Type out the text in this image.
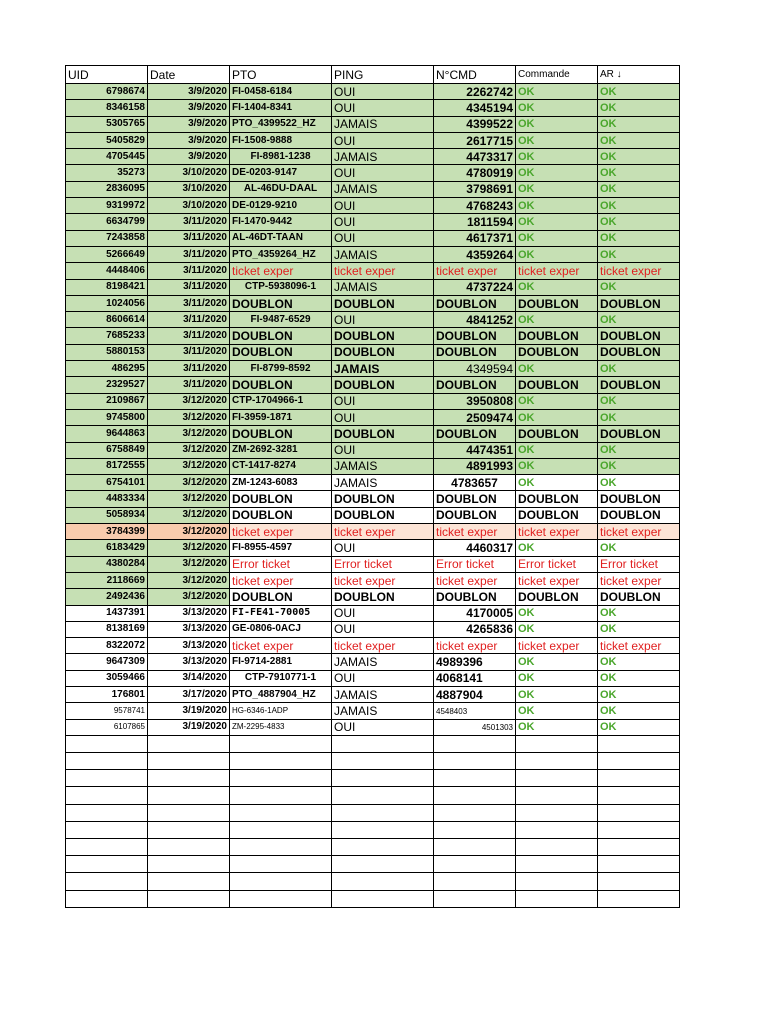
UID	Date	PTO	PING	N°CMD	Commande	AR ↓
6798674	3/9/2020	FI-0458-6184	OUI	2262742	OK	OK
8346158	3/9/2020	FI-1404-8341	OUI	4345194	OK	OK
5305765	3/9/2020	PTO_4399522_HZ	JAMAIS	4399522	OK	OK
5405829	3/9/2020	FI-1508-9888	OUI	2617715	OK	OK
4705445	3/9/2020	FI-8981-1238	JAMAIS	4473317	OK	OK
35273	3/10/2020	DE-0203-9147	OUI	4780919	OK	OK
2836095	3/10/2020	AL-46DU-DAAL	JAMAIS	3798691	OK	OK
9319972	3/10/2020	DE-0129-9210	OUI	4768243	OK	OK
6634799	3/11/2020	FI-1470-9442	OUI	1811594	OK	OK
7243858	3/11/2020	AL-46DT-TAAN	OUI	4617371	OK	OK
5266649	3/11/2020	PTO_4359264_HZ	JAMAIS	4359264	OK	OK
4448406	3/11/2020	ticket exper	ticket exper	ticket exper	ticket exper	ticket exper
8198421	3/11/2020	CTP-5938096-1	JAMAIS	4737224	OK	OK
1024056	3/11/2020	DOUBLON	DOUBLON	DOUBLON	DOUBLON	DOUBLON
8606614	3/11/2020	FI-9487-6529	OUI	4841252	OK	OK
7685233	3/11/2020	DOUBLON	DOUBLON	DOUBLON	DOUBLON	DOUBLON
5880153	3/11/2020	DOUBLON	DOUBLON	DOUBLON	DOUBLON	DOUBLON
486295	3/11/2020	FI-8799-8592	JAMAIS	4349594	OK	OK
2329527	3/11/2020	DOUBLON	DOUBLON	DOUBLON	DOUBLON	DOUBLON
2109867	3/12/2020	CTP-1704966-1	OUI	3950808	OK	OK
9745800	3/12/2020	FI-3959-1871	OUI	2509474	OK	OK
9644863	3/12/2020	DOUBLON	DOUBLON	DOUBLON	DOUBLON	DOUBLON
6758849	3/12/2020	ZM-2692-3281	OUI	4474351	OK	OK
8172555	3/12/2020	CT-1417-8274	JAMAIS	4891993	OK	OK
6754101	3/12/2020	ZM-1243-6083	JAMAIS	4783657	OK	OK
4483334	3/12/2020	DOUBLON	DOUBLON	DOUBLON	DOUBLON	DOUBLON
5058934	3/12/2020	DOUBLON	DOUBLON	DOUBLON	DOUBLON	DOUBLON
3784399	3/12/2020	ticket exper	ticket exper	ticket exper	ticket exper	ticket exper
6183429	3/12/2020	FI-8955-4597	OUI	4460317	OK	OK
4380284	3/12/2020	Error ticket	Error ticket	Error ticket	Error ticket	Error ticket
2118669	3/12/2020	ticket exper	ticket exper	ticket exper	ticket exper	ticket exper
2492436	3/12/2020	DOUBLON	DOUBLON	DOUBLON	DOUBLON	DOUBLON
1437391	3/13/2020	FI-FE41-70005	OUI	4170005	OK	OK
8138169	3/13/2020	GE-0806-0ACJ	OUI	4265836	OK	OK
8322072	3/13/2020	ticket exper	ticket exper	ticket exper	ticket exper	ticket exper
9647309	3/13/2020	FI-9714-2881	JAMAIS	4989396	OK	OK
3059466	3/14/2020	CTP-7910771-1	OUI	4068141	OK	OK
176801	3/17/2020	PTO_4887904_HZ	JAMAIS	4887904	OK	OK
9578741	3/19/2020	HG-6346-1ADP	JAMAIS	4548403	OK	OK
6107865	3/19/2020	ZM-2295-4833	OUI	4501303	OK	OK
